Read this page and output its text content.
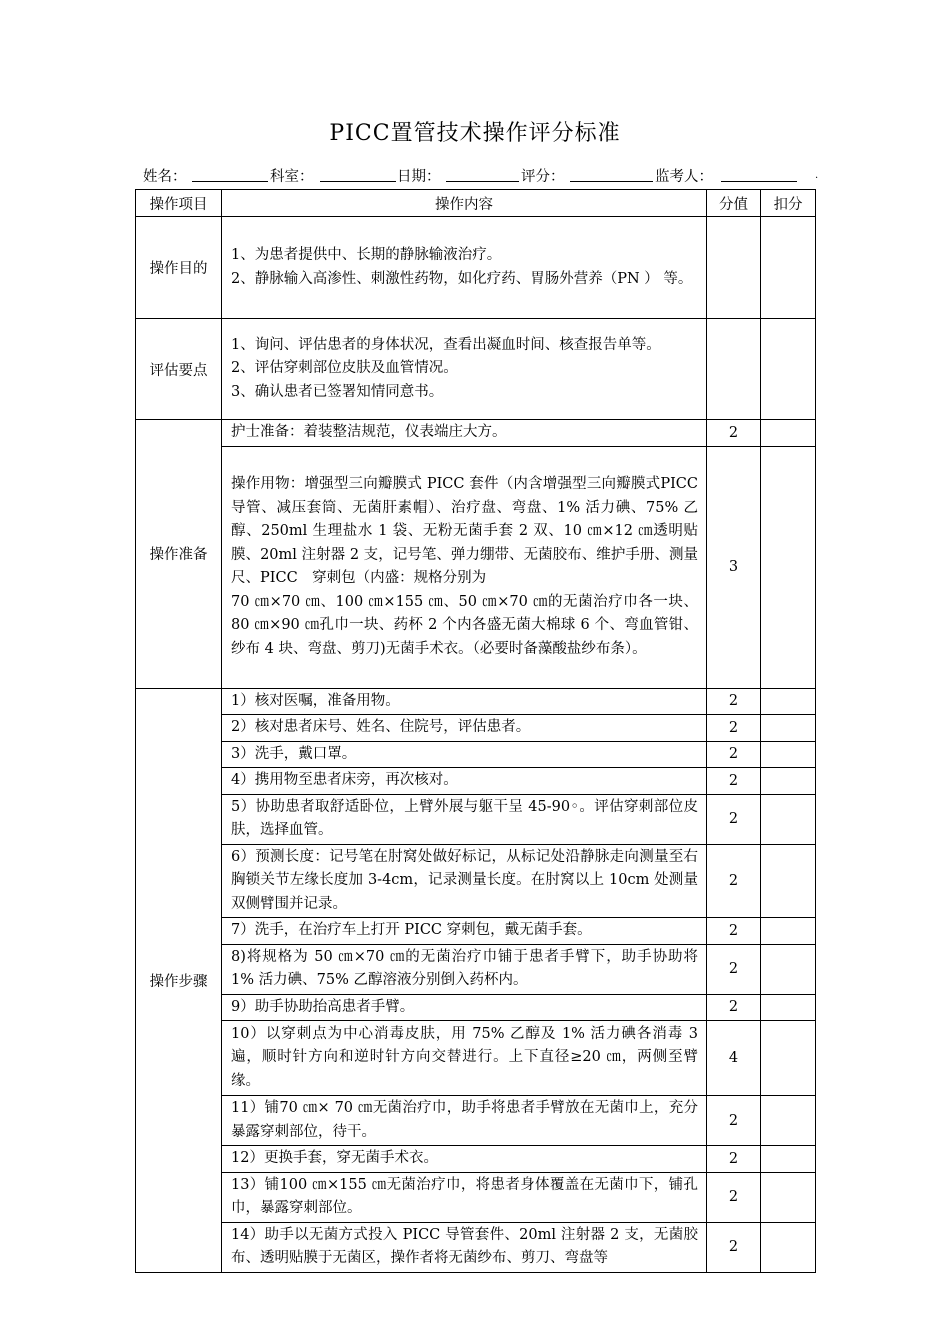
PICC置管技术操作评分标准
姓名：	科室：	日期：	评分：	监考人：	.
操作项目	操作内容	分值	扣分
操作目的	1、为患者提供中、长期的静脉输液治疗。

2、静脉输入高渗性、刺激性药物，如化疗药、胃肠外营养（PN ） 等。		

评估要点	1、询问、评估患者的身体状况，查看出凝血时间、核查报告单等。

2、评估穿刺部位皮肤及血管情况。

3、确认患者已签署知情同意书。		

操作准备	护士准备：着装整洁规范，仪表端庄大方。	2	

	操作用物：增强型三向瓣膜式 PICC 套件（内含增强型三向瓣膜式PICC 导管、减压套筒、无菌肝素帽）、治疗盘、弯盘、1% 活力碘、75% 乙醇、250ml 生理盐水 1 袋、无粉无菌手套 2 双、10 ㎝×12 ㎝透明贴膜、20ml 注射器 2 支，记号笔、弹力绷带、无菌胶布、维护手册、测量尺、PICC　穿刺包（内盛：规格分别为

70 ㎝×70 ㎝、100 ㎝×155 ㎝、50 ㎝×70 ㎝的无菌治疗巾各一块、80 ㎝×90 ㎝孔巾一块、药杯 2 个内各盛无菌大棉球 6 个、弯血管钳、纱布 4 块、弯盘、剪刀)无菌手术衣。（必要时备藻酸盐纱布条）。	3	
操作步骤	1）核对医嘱，准备用物。	2	

	2）核对患者床号、姓名、住院号，评估患者。	2	

	3）洗手，戴口罩。	2	

	4）携用物至患者床旁，再次核对。	2	

	5）协助患者取舒适卧位，上臂外展与躯干呈 45-90◦。评估穿刺部位皮肤，选择血管。	2	

	6）预测长度：记号笔在肘窝处做好标记，从标记处沿静脉走向测量至右胸锁关节左缘长度加 3-4cm，记录测量长度。在肘窝以上 10cm 处测量双侧臂围并记录。	2	

	7）洗手，在治疗车上打开 PICC 穿刺包，戴无菌手套。	2	

	8)将规格为 50 ㎝×70 ㎝的无菌治疗巾铺于患者手臂下，助手协助将 1% 活力碘、75% 乙醇溶液分别倒入药杯内。	2	

	9）助手协助抬高患者手臂。	2	

	10）以穿刺点为中心消毒皮肤，用 75% 乙醇及 1% 活力碘各消毒 3 遍，顺时针方向和逆时针方向交替进行。上下直径≥20 ㎝，两侧至臂缘。	4	

	11）铺70 ㎝× 70 ㎝无菌治疗巾，助手将患者手臂放在无菌巾上，充分暴露穿刺部位，待干。	2	

	12）更换手套，穿无菌手术衣。	2	

	13）铺100 ㎝×155 ㎝无菌治疗巾，将患者身体覆盖在无菌巾下，铺孔巾，暴露穿刺部位。	2	

	14）助手以无菌方式投入 PICC 导管套件、20ml 注射器 2 支，无菌胶布、透明贴膜于无菌区，操作者将无菌纱布、剪刀、弯盘等	2	
